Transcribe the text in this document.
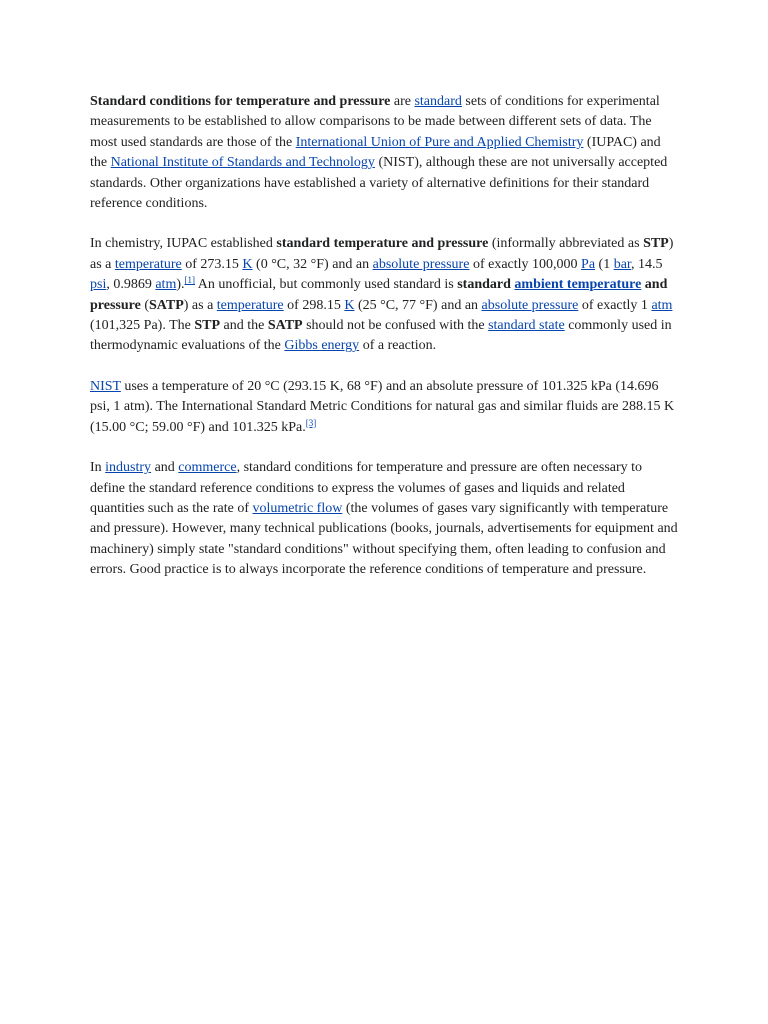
Standard conditions for temperature and pressure are standard sets of conditions for experimental measurements to be established to allow comparisons to be made between different sets of data. The most used standards are those of the International Union of Pure and Applied Chemistry (IUPAC) and the National Institute of Standards and Technology (NIST), although these are not universally accepted standards. Other organizations have established a variety of alternative definitions for their standard reference conditions.

In chemistry, IUPAC established standard temperature and pressure (informally abbreviated as STP) as a temperature of 273.15 K (0 °C, 32 °F) and an absolute pressure of exactly 100,000 Pa (1 bar, 14.5 psi, 0.9869 atm).[1] An unofficial, but commonly used standard is standard ambient temperature and pressure (SATP) as a temperature of 298.15 K (25 °C, 77 °F) and an absolute pressure of exactly 1 atm (101,325 Pa). The STP and the SATP should not be confused with the standard state commonly used in thermodynamic evaluations of the Gibbs energy of a reaction.

NIST uses a temperature of 20 °C (293.15 K, 68 °F) and an absolute pressure of 101.325 kPa (14.696 psi, 1 atm). The International Standard Metric Conditions for natural gas and similar fluids are 288.15 K (15.00 °C; 59.00 °F) and 101.325 kPa.[3]

In industry and commerce, standard conditions for temperature and pressure are often necessary to define the standard reference conditions to express the volumes of gases and liquids and related quantities such as the rate of volumetric flow (the volumes of gases vary significantly with temperature and pressure). However, many technical publications (books, journals, advertisements for equipment and machinery) simply state "standard conditions" without specifying them, often leading to confusion and errors. Good practice is to always incorporate the reference conditions of temperature and pressure.
